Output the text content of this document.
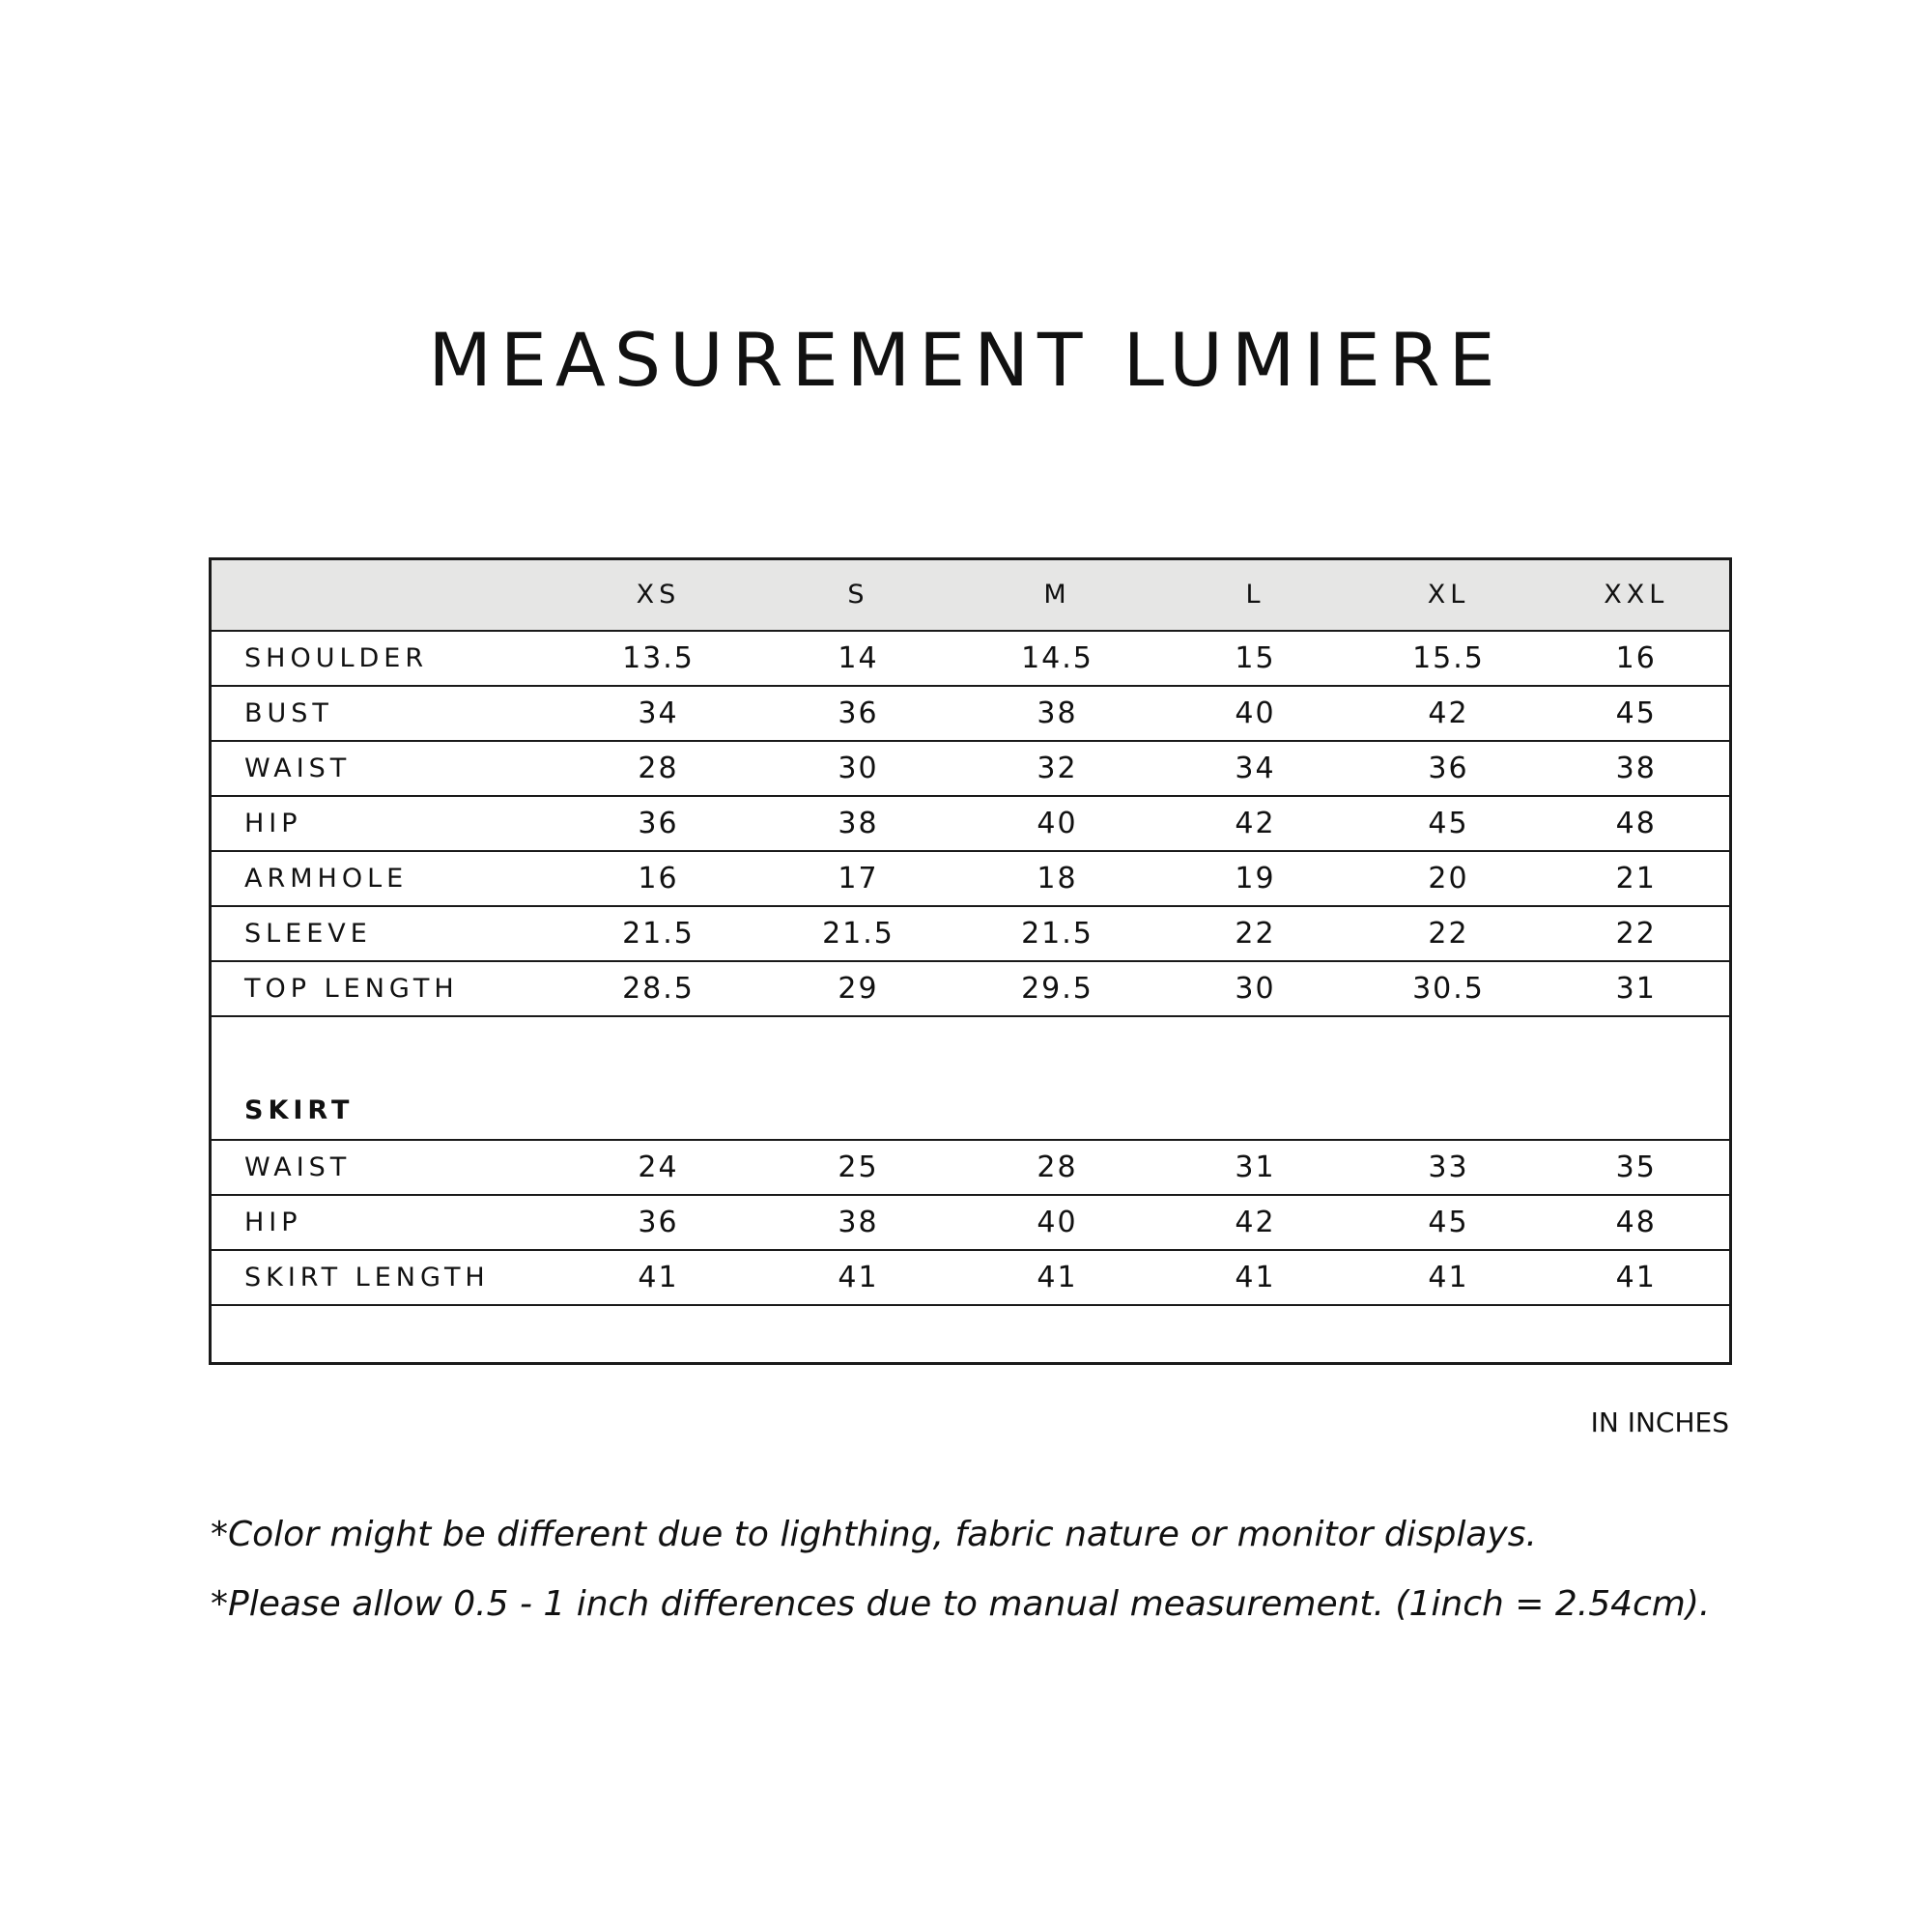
MEASUREMENT LUMIERE
	XS	S	M	L	XL	XXL
SHOULDER	13.5	14	14.5	15	15.5	16
BUST	34	36	38	40	42	45
WAIST	28	30	32	34	36	38
HIP	36	38	40	42	45	48
ARMHOLE	16	17	18	19	20	21
SLEEVE	21.5	21.5	21.5	22	22	22
TOP LENGTH	28.5	29	29.5	30	30.5	31
SKIRT						
WAIST	24	25	28	31	33	35
HIP	36	38	40	42	45	48
SKIRT LENGTH	41	41	41	41	41	41

IN INCHES
*Color might be different due to lighthing, fabric nature or monitor displays.
*Please allow 0.5 - 1 inch differences due to manual measurement. (1inch = 2.54cm).
